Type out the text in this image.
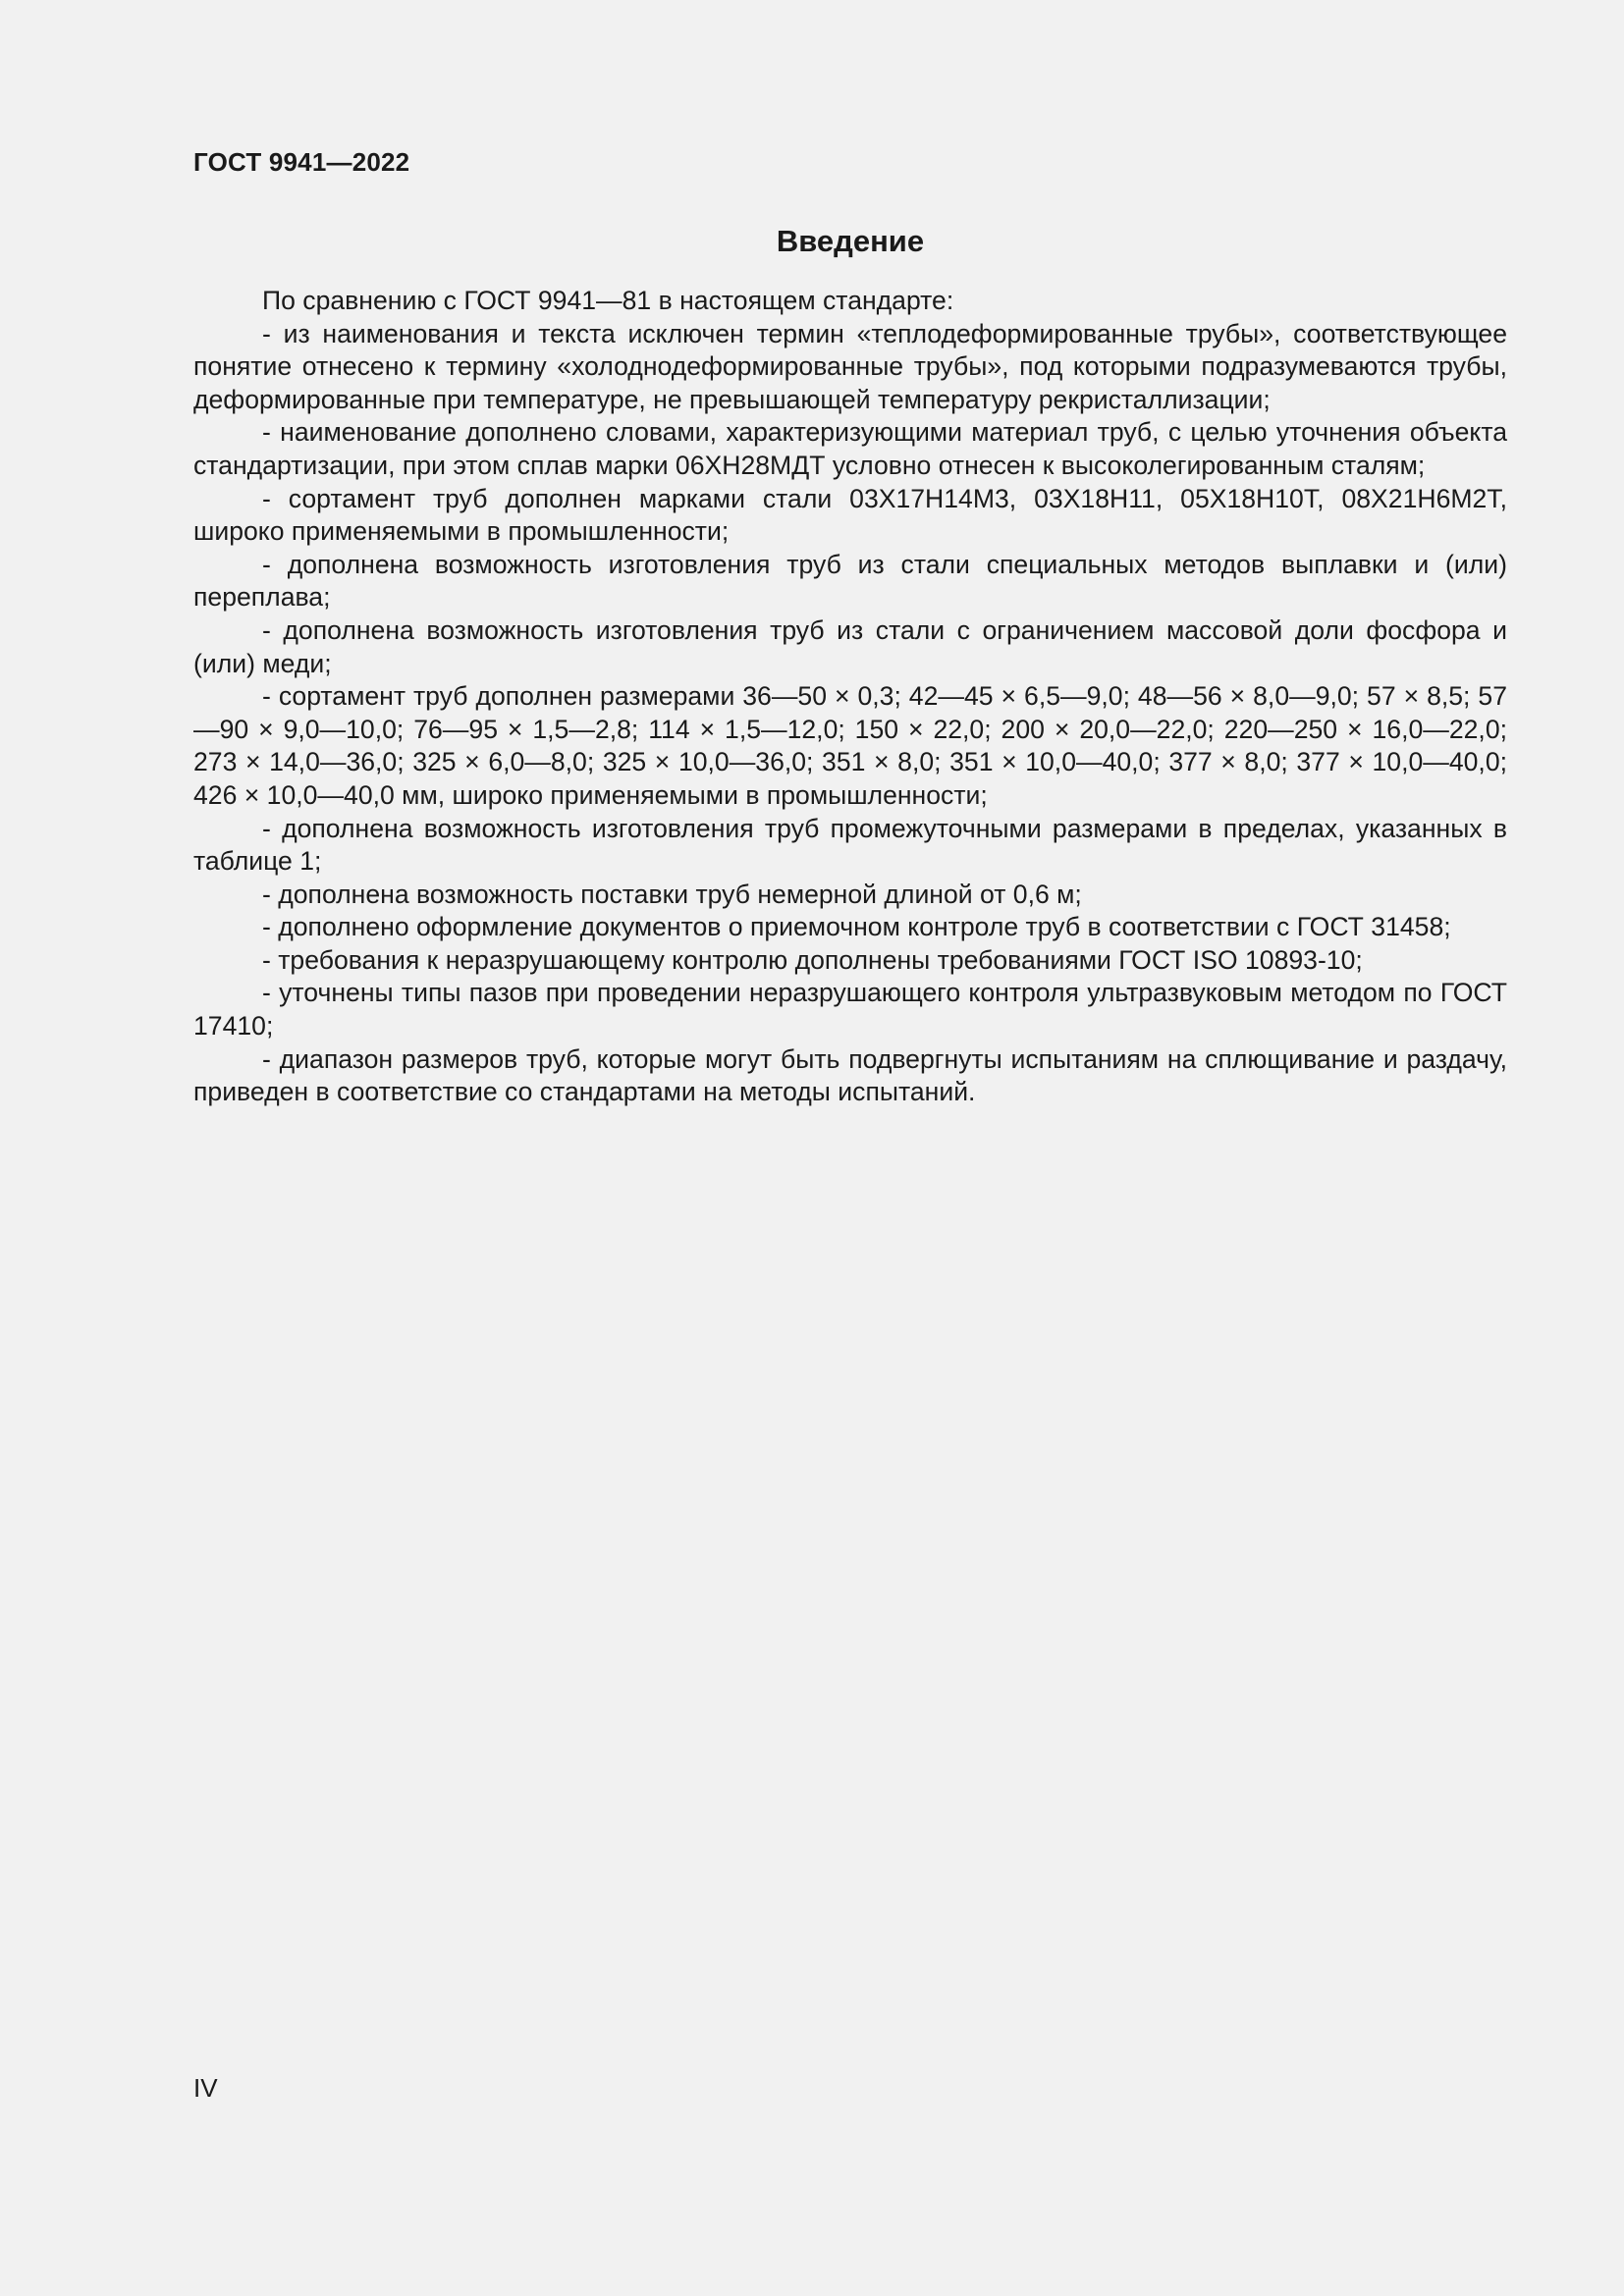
ГОСТ 9941—2022
Введение

По сравнению с ГОСТ 9941—81 в настоящем стандарте:

- из наименования и текста исключен термин «теплодеформированные трубы», соответствующее понятие отнесено к термину «холоднодеформированные трубы», под которыми подразумеваются трубы, деформированные при температуре, не превышающей температуру рекристаллизации;

- наименование дополнено словами, характеризующими материал труб, с целью уточнения объекта стандартизации, при этом сплав марки 06ХН28МДТ условно отнесен к высоколегированным сталям;

- сортамент труб дополнен марками стали 03Х17Н14М3, 03Х18Н11, 05Х18Н10Т, 08Х21Н6М2Т, широко применяемыми в промышленности;

- дополнена возможность изготовления труб из стали специальных методов выплавки и (или) переплава;

- дополнена возможность изготовления труб из стали с ограничением массовой доли фосфора и (или) меди;

- сортамент труб дополнен размерами 36—50 × 0,3; 42—45 × 6,5—9,0; 48—56 × 8,0—9,0; 57 × 8,5; 57—90 × 9,0—10,0; 76—95 × 1,5—2,8; 114 × 1,5—12,0; 150 × 22,0; 200 × 20,0—22,0; 220—250 × 16,0—22,0; 273 × 14,0—36,0; 325 × 6,0—8,0; 325 × 10,0—36,0; 351 × 8,0; 351 × 10,0—40,0; 377 × 8,0; 377 × 10,0—40,0; 426 × 10,0—40,0 мм, широко применяемыми в промышленности;

- дополнена возможность изготовления труб промежуточными размерами в пределах, указанных в таблице 1;

- дополнена возможность поставки труб немерной длиной от 0,6 м;

- дополнено оформление документов о приемочном контроле труб в соответствии с ГОСТ 31458;

- требования к неразрушающему контролю дополнены требованиями ГОСТ ISO 10893-10;

- уточнены типы пазов при проведении неразрушающего контроля ультразвуковым методом по ГОСТ 17410;

- диапазон размеров труб, которые могут быть подвергнуты испытаниям на сплющивание и раздачу, приведен в соответствие со стандартами на методы испытаний.

IV
